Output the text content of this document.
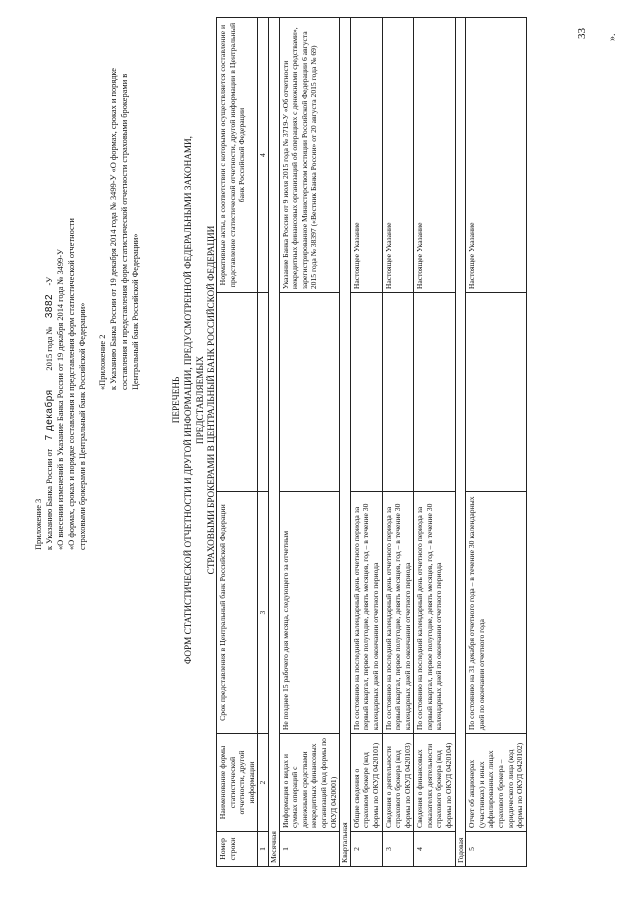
Приложение 3 к Указанию Банка России от    7 декабря         2015 года №    3882    -У «О внесении изменений в Указание Банка России от 19 декабря 2014 года № 3499-У «О формах, сроках и порядке составления и представления форм статистической отчетности страховыми брокерами в Центральный банк Российской Федерации» «Приложение 2 к Указанию Банка России от 19 декабря 2014 года № 3499-У «О формах, сроках и порядке составления и представления форм статистической отчетности страховыми брокерами в Центральный банк Российской Федерации»
ПЕРЕЧЕНЬ ФОРМ СТАТИСТИЧЕСКОЙ ОТЧЕТНОСТИ И ДРУГОЙ ИНФОРМАЦИИ, ПРЕДУСМОТРЕННОЙ ФЕДЕРАЛЬНЫМИ ЗАКОНАМИ, ПРЕДСТАВЛЯЕМЫХ СТРАХОВЫМИ БРОКЕРАМИ В ЦЕНТРАЛЬНЫЙ БАНК РОССИЙСКОЙ ФЕДЕРАЦИИ
Номер строки	Наименование формы статистической отчетности, другой информации	Срок представления в Центральный банк Российской Федерации		Нормативные акты, в соответствии с которыми осуществляется составление и представление статистической отчетности, другой информации в Центральный банк Российской Федерации
1	2	3		4
Месячная				
1	Информация о видах и суммах операций с денежными средствами некредитных финансовых организаций (код формы по ОКУД 0420001)	Не позднее 15 рабочего дня месяца, следующего за отчетным		Указание Банка России от 9 июля 2015 года № 3719-У «Об отчетности некредитных финансовых организаций об операциях с денежными средствами», зарегистрированное Министерством юстиции Российской Федерации 6 августа 2015 года № 38397 («Вестник Банка России» от 20 августа 2015 года № 69)
Квартальная				
2	Общие сведения о страховом брокере (код формы по ОКУД 0420101)	По состоянию на последний календарный день отчетного периода за первый квартал, первое полугодие, девять месяцев, год – в течение 30 календарных дней по окончании отчетного периода		Настоящее Указание
3	Сведения о деятельности страхового брокера (код формы по ОКУД 0420103)	По состоянию на последний календарный день отчетного периода за первый квартал, первое полугодие, девять месяцев, год – в течение 30 календарных дней по окончании отчетного периода		Настоящее Указание
4	Сведения о финансовых показателях деятельности страхового брокера (код формы по ОКУД 0420104)	По состоянию на последний календарный день отчетного периода за первый квартал, первое полугодие, девять месяцев, год – в течение 30 календарных дней по окончании отчетного периода		Настоящее Указание
Годовая				
5	Отчет об акционерах (участниках) и иных аффилированных лицах страхового брокера – юридического лица (код формы по ОКУД 0420102)	По состоянию на 31 декабря отчетного года – в течение 30 календарных дней по окончании отчетного года		Настоящее Указание
33 ».
